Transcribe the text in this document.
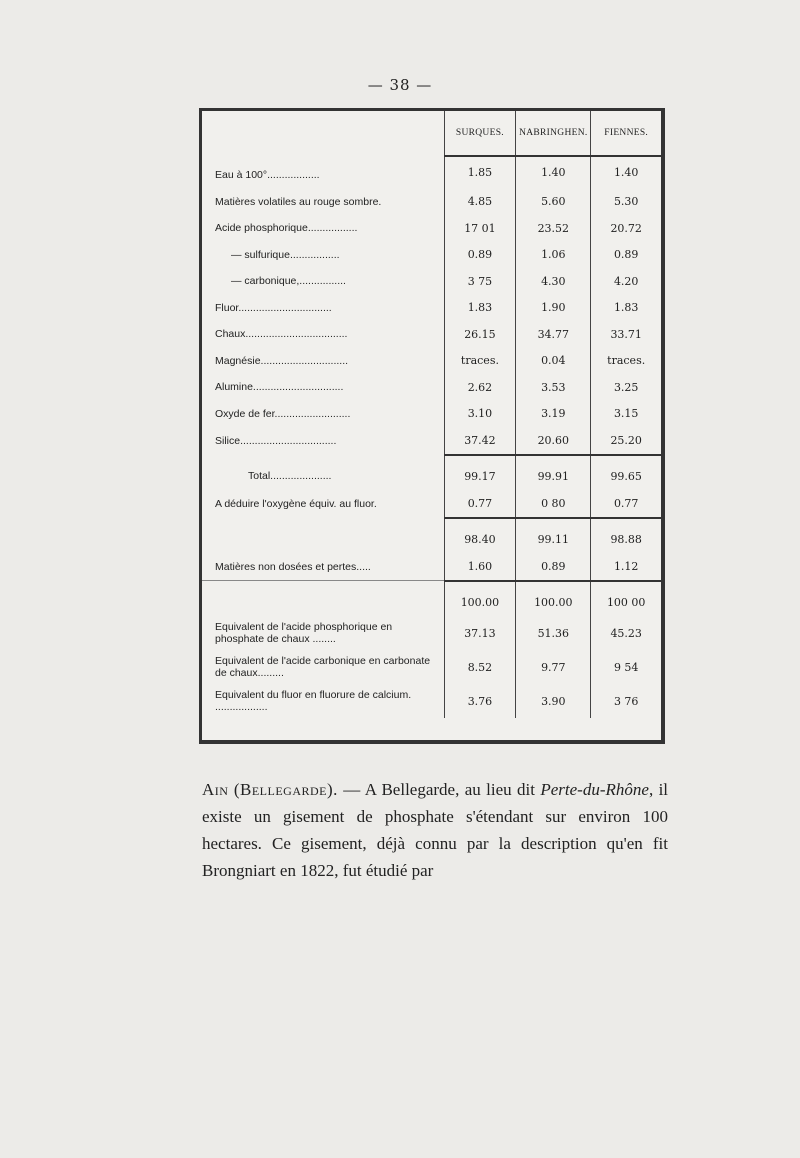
— 38 —
	SURQUES.	NABRINGHEN.	FIENNES.
Eau à 100°..................	1.85	1.40	1.40
Matières volatiles au rouge sombre.	4.85	5.60	5.30
Acide phosphorique.................	17 01	23.52	20.72
— sulfurique.................	0.89	1.06	0.89
— carbonique,................	3 75	4.30	4.20
Fluor................................	1.83	1.90	1.83
Chaux...................................	26.15	34.77	33.71
Magnésie..............................	traces.	0.04	traces.
Alumine...............................	2.62	3.53	3.25
Oxyde de fer..........................	3.10	3.19	3.15
Silice.................................	37.42	20.60	25.20
Total.....................	99.17	99.91	99.65
A déduire l'oxygène équiv. au fluor.	0.77	0 80	0.77
	98.40	99.11	98.88
Matières non dosées et pertes.....	1.60	0.89	1.12
	100.00	100.00	100 00
Equivalent de l'acide phosphorique en phosphate de chaux ........	37.13	51.36	45.23
Equivalent de l'acide carbonique en carbonate de chaux.........	8.52	9.77	9 54
Equivalent du fluor en fluorure de calcium. ..................	3.76	3.90	3 76
Ain (Bellegarde). — A Bellegarde, au lieu dit Perte-du-Rhône, il existe un gisement de phosphate s'étendant sur environ 100 hectares. Ce gisement, déjà connu par la description qu'en fit Brongniart en 1822, fut étudié par
